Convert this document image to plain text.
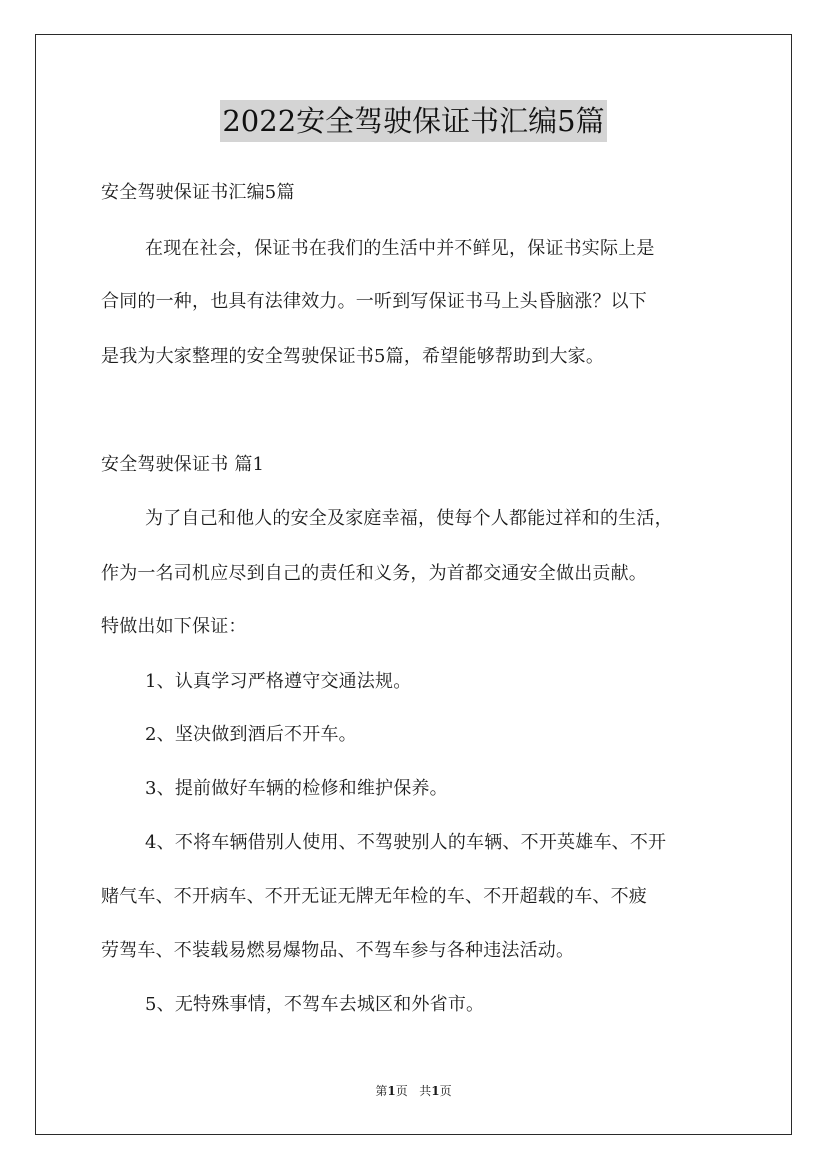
2022安全驾驶保证书汇编5篇
安全驾驶保证书汇编5篇
在现在社会，保证书在我们的生活中并不鲜见，保证书实际上是
合同的一种，也具有法律效力。一听到写保证书马上头昏脑涨？以下
是我为大家整理的安全驾驶保证书5篇，希望能够帮助到大家。
安全驾驶保证书 篇1
为了自己和他人的安全及家庭幸福，使每个人都能过祥和的生活，
作为一名司机应尽到自己的责任和义务，为首都交通安全做出贡献。
特做出如下保证：
1、认真学习严格遵守交通法规。
2、坚决做到酒后不开车。
3、提前做好车辆的检修和维护保养。
4、不将车辆借别人使用、不驾驶别人的车辆、不开英雄车、不开
赌气车、不开病车、不开无证无牌无年检的车、不开超载的车、不疲
劳驾车、不装载易燃易爆物品、不驾车参与各种违法活动。
5、无特殊事情，不驾车去城区和外省市。
第1页 共1页
